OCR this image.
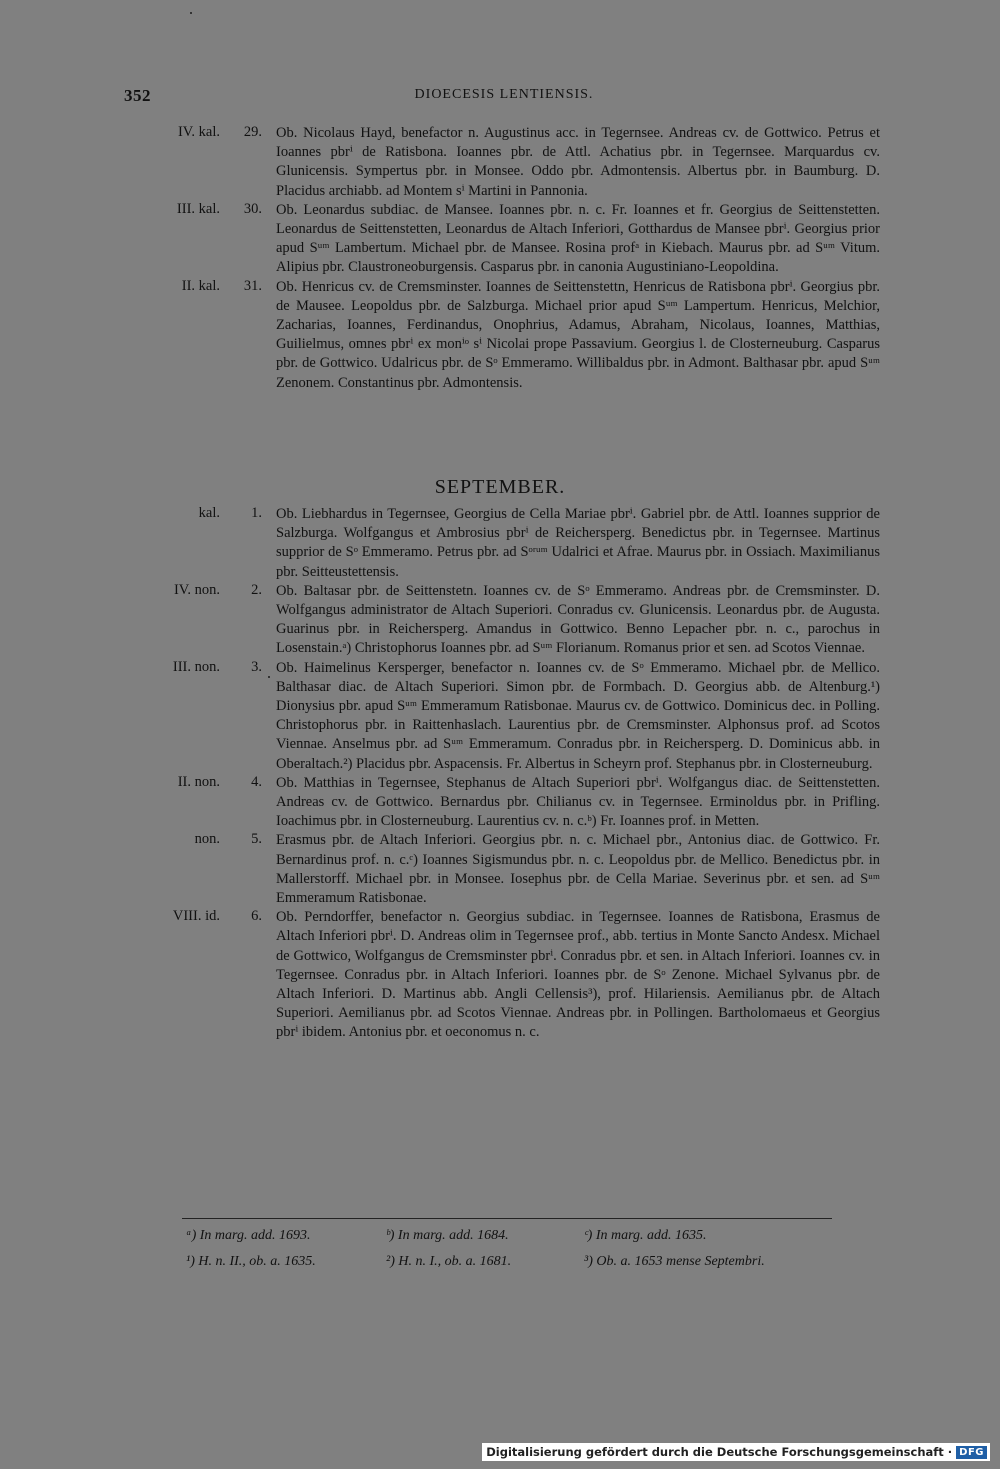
352	DIOECESIS LENTIENSIS.
IV. kal.	29. Ob. Nicolaus Hayd, benefactor n. Augustinus acc. in Tegernsee. Andreas cv. de Gottwico. Petrus et Ioannes pbrⁱ de Ratisbona. Ioannes pbr. de Attl. Achatius pbr. in Tegernsee. Marquardus cv. Glunicensis. Sympertus pbr. in Monsee. Oddo pbr. Admontensis. Albertus pbr. in Baumburg. D. Placidus archiabb. ad Montem sⁱ Martini in Pannonia.
III. kal.	30. Ob. Leonardus subdiac. de Mansee. Ioannes pbr. n. c. Fr. Ioannes et fr. Georgius de Seittenstetten. Leonardus de Seittenstetten, Leonardus de Altach Inferiori, Gotthardus de Mansee pbrⁱ. Georgius prior apud Sᵘᵐ Lambertum. Michael pbr. de Mansee. Rosina profᵃ in Kiebach. Maurus pbr. ad Sᵘᵐ Vitum. Alipius pbr. Claustroneoburgensis. Casparus pbr. in canonia Augustiniano-Leopoldina.
II. kal.	31. Ob. Henricus cv. de Cremsminster. Ioannes de Seittenstettn, Henricus de Ratisbona pbrⁱ. Georgius pbr. de Mausee. Leopoldus pbr. de Salzburga. Michael prior apud Sᵘᵐ Lampertum. Henricus, Melchior, Zacharias, Ioannes, Ferdinandus, Onophrius, Adamus, Abraham, Nicolaus, Ioannes, Matthias, Guilielmus, omnes pbrⁱ ex monⁱᵒ sⁱ Nicolai prope Passavium. Georgius l. de Closterneuburg. Casparus pbr. de Gottwico. Udalricus pbr. de Sᵒ Emmeramo. Willibaldus pbr. in Admont. Balthasar pbr. apud Sᵘᵐ Zenonem. Constantinus pbr. Admontensis.
SEPTEMBER.
kal.	1. Ob. Liebhardus in Tegernsee, Georgius de Cella Mariae pbrⁱ. Gabriel pbr. de Attl. Ioannes supprior de Salzburga. Wolfgangus et Ambrosius pbrⁱ de Reichersperg. Benedictus pbr. in Tegernsee. Martinus supprior de Sᵒ Emmeramo. Petrus pbr. ad Sᵒʳᵘᵐ Udalrici et Afrae. Maurus pbr. in Ossiach. Maximilianus pbr. Seitteustettensis.
IV. non.	2. Ob. Baltasar pbr. de Seittenstetn. Ioannes cv. de Sᵒ Emmeramo. Andreas pbr. de Cremsminster. D. Wolfgangus administrator de Altach Superiori. Conradus cv. Glunicensis. Leonardus pbr. de Augusta. Guarinus pbr. in Reichersperg. Amandus in Gottwico. Benno Lepacher pbr. n. c., parochus in Losenstain.ᵃ) Christophorus Ioannes pbr. ad Sᵘᵐ Florianum. Romanus prior et sen. ad Scotos Viennae.
III. non.	3. Ob. Haimelinus Kersperger, benefactor n. Ioannes cv. de Sᵒ Emmeramo. Michael pbr. de Mellico. Balthasar diac. de Altach Superiori. Simon pbr. de Formbach. D. Georgius abb. de Altenburg.¹) Dionysius pbr. apud Sᵘᵐ Emmeramum Ratisbonae. Maurus cv. de Gottwico. Dominicus dec. in Polling. Christophorus pbr. in Raittenhaslach. Laurentius pbr. de Cremsminster. Alphonsus prof. ad Scotos Viennae. Anselmus pbr. ad Sᵘᵐ Emmeramum. Conradus pbr. in Reichersperg. D. Dominicus abb. in Oberaltach.²) Placidus pbr. Aspacensis. Fr. Albertus in Scheyrn prof. Stephanus pbr. in Closterneuburg.
II. non.	4. Ob. Matthias in Tegernsee, Stephanus de Altach Superiori pbrⁱ. Wolfgangus diac. de Seittenstetten. Andreas cv. de Gottwico. Bernardus pbr. Chilianus cv. in Tegernsee. Erminoldus pbr. in Prifling. Ioachimus pbr. in Closterneuburg. Laurentius cv. n. c.ᵇ) Fr. Ioannes prof. in Metten.
non.	5. Erasmus pbr. de Altach Inferiori. Georgius pbr. n. c. Michael pbr., Antonius diac. de Gottwico. Fr. Bernardinus prof. n. c.ᶜ) Ioannes Sigismundus pbr. n. c. Leopoldus pbr. de Mellico. Benedictus pbr. in Mallerstorff. Michael pbr. in Monsee. Iosephus pbr. de Cella Mariae. Severinus pbr. et sen. ad Sᵘᵐ Emmeramum Ratisbonae.
VIII. id.	6. Ob. Perndorffer, benefactor n. Georgius subdiac. in Tegernsee. Ioannes de Ratisbona, Erasmus de Altach Inferiori pbrⁱ. D. Andreas olim in Tegernsee prof., abb. tertius in Monte Sancto Andesx. Michael de Gottwico, Wolfgangus de Cremsminster pbrⁱ. Conradus pbr. et sen. in Altach Inferiori. Ioannes cv. in Tegernsee. Conradus pbr. in Altach Inferiori. Ioannes pbr. de Sᵒ Zenone. Michael Sylvanus pbr. de Altach Inferiori. D. Martinus abb. Angli Cellensis³), prof. Hilariensis. Aemilianus pbr. de Altach Superiori. Aemilianus pbr. ad Scotos Viennae. Andreas pbr. in Pollingen. Bartholomaeus et Georgius pbrⁱ ibidem. Antonius pbr. et oeconomus n. c.
ᵃ) In marg. add. 1693.	ᵇ) In marg. add. 1684.	ᶜ) In marg. add. 1635.
¹) H. n. II., ob. a. 1635.	²) H. n. I., ob. a. 1681.	³) Ob. a. 1653 mense Septembri.
Digitalisierung gefördert durch die Deutsche Forschungsgemeinschaft · DFG
